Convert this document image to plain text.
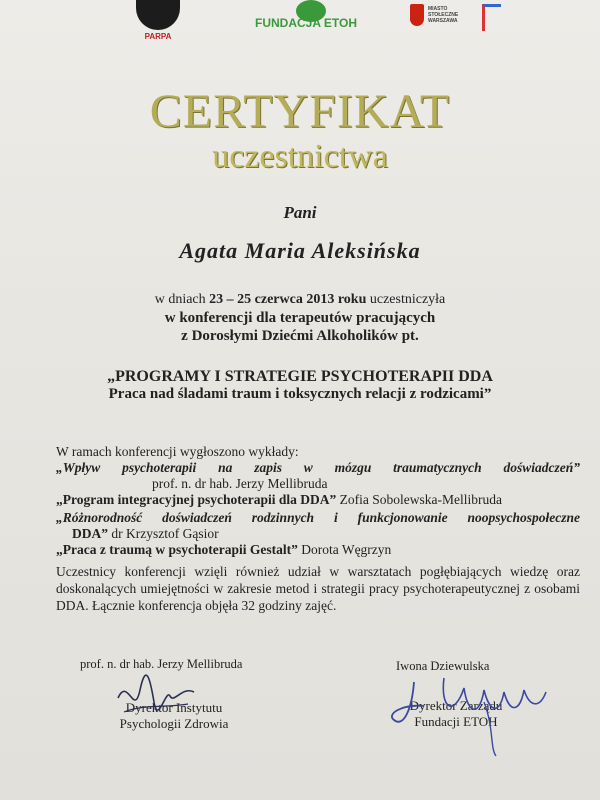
PARPA
FUNDACJA ETOH
MIASTO STOŁECZNE WARSZAWA
CERTYFIKAT
uczestnictwa
Pani
Agata Maria Aleksińska
w dniach 23 – 25 czerwca 2013 roku uczestniczyła
w konferencji dla terapeutów pracujących
z Dorosłymi Dziećmi Alkoholików pt.
„PROGRAMY I STRATEGIE PSYCHOTERAPII DDA
Praca nad śladami traum i toksycznych relacji z rodzicami”
W ramach konferencji wygłoszono wykłady:
„Wpływ psychoterapii na zapis w mózgu traumatycznych doświadczeń”
prof. n. dr hab. Jerzy Mellibruda
„Program integracyjnej psychoterapii dla DDA” Zofia Sobolewska-Mellibruda
„Różnorodność doświadczeń rodzinnych i funkcjonowanie noopsychospołeczne
DDA” dr Krzysztof Gąsior
„Praca z traumą w psychoterapii Gestalt” Dorota Węgrzyn
Uczestnicy konferencji wzięli również udział w warsztatach pogłębiających wiedzę oraz doskonalących umiejętności w zakresie metod i strategii pracy psychoterapeutycznej z osobami DDA. Łącznie konferencja objęła 32 godziny zajęć.
prof. n. dr hab. Jerzy Mellibruda
Dyrektor Instytutu
Psychologii Zdrowia
Iwona Dziewulska
Dyrektor Zarządu
Fundacji ETOH
